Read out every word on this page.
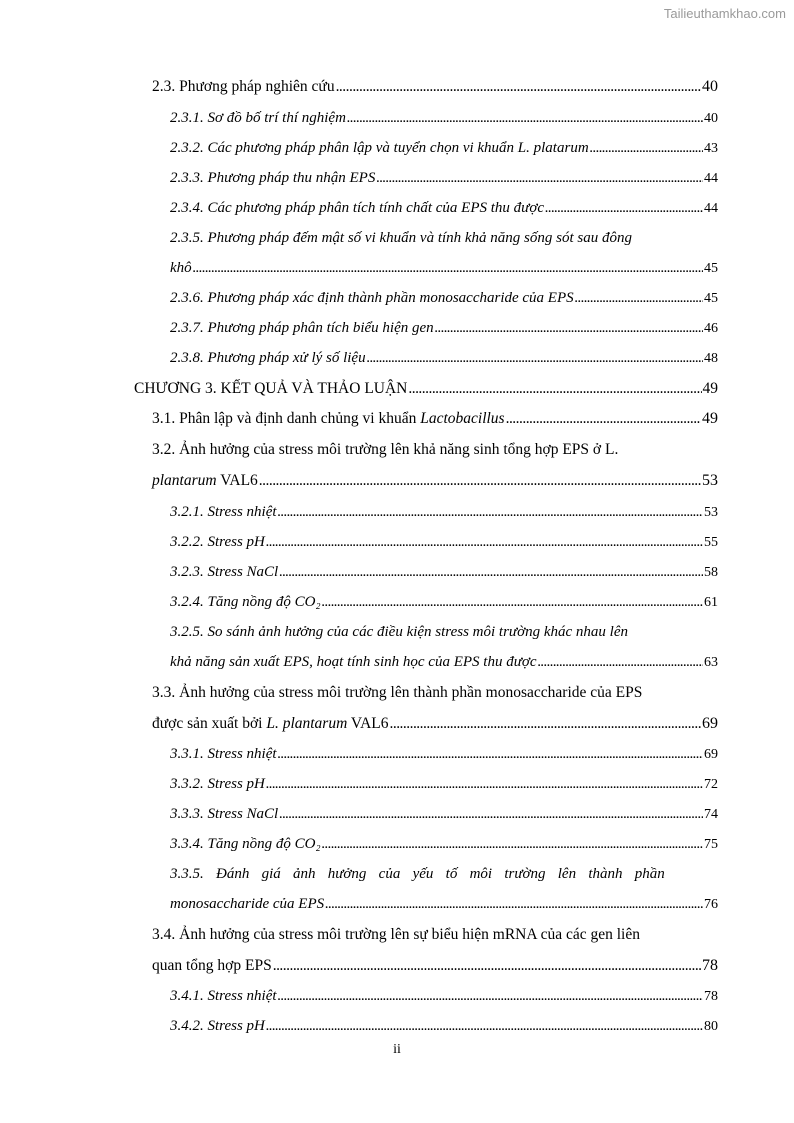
Tailieuthamkhao.com
2.3. Phương pháp nghiên cứu . . .	40
2.3.1. Sơ đồ bố trí thí nghiệm . . .	40
2.3.2. Các phương pháp phân lập và tuyển chọn vi khuẩn L. platarum . . .	43
2.3.3. Phương pháp thu nhận EPS . . .	44
2.3.4. Các phương pháp phân tích tính chất của EPS thu được . . .	44
2.3.5. Phương pháp đếm mật số vi khuẩn và tính khả năng sống sót sau đông
khô . . .	45
2.3.6. Phương pháp xác định thành phần monosaccharide của EPS . . .	45
2.3.7. Phương pháp phân tích biểu hiện gen . . .	46
2.3.8. Phương pháp xử lý số liệu . . .	48
CHƯƠNG 3. KẾT QUẢ VÀ THẢO LUẬN . . .	49
3.1. Phân lập và định danh chủng vi khuẩn Lactobacillus . . .	49
3.2. Ảnh hưởng của stress môi trường lên khả năng sinh tổng hợp EPS ở L.
plantarum VAL6 . . .	53
3.2.1. Stress nhiệt . . .	53
3.2.2. Stress pH . . .	55
3.2.3. Stress NaCl . . .	58
3.2.4. Tăng nồng độ CO₂ . . .	61
3.2.5. So sánh ảnh hưởng của các điều kiện stress môi trường khác nhau lên
khả năng sản xuất EPS, hoạt tính sinh học của EPS thu được . . .	63
3.3. Ảnh hưởng của stress môi trường lên thành phần monosaccharide của EPS
được sản xuất bởi L. plantarum VAL6 . . .	69
3.3.1. Stress nhiệt . . .	69
3.3.2. Stress pH . . .	72
3.3.3. Stress NaCl . . .	74
3.3.4. Tăng nồng độ CO₂ . . .	75
3.3.5. Đánh giá ảnh hưởng của yếu tố môi trường lên thành phần
monosaccharide của EPS . . .	76
3.4. Ảnh hưởng của stress môi trường lên sự biểu hiện mRNA của các gen liên
quan tổng hợp EPS . . .	78
3.4.1. Stress nhiệt . . .	78
3.4.2. Stress pH . . .	80
ii
